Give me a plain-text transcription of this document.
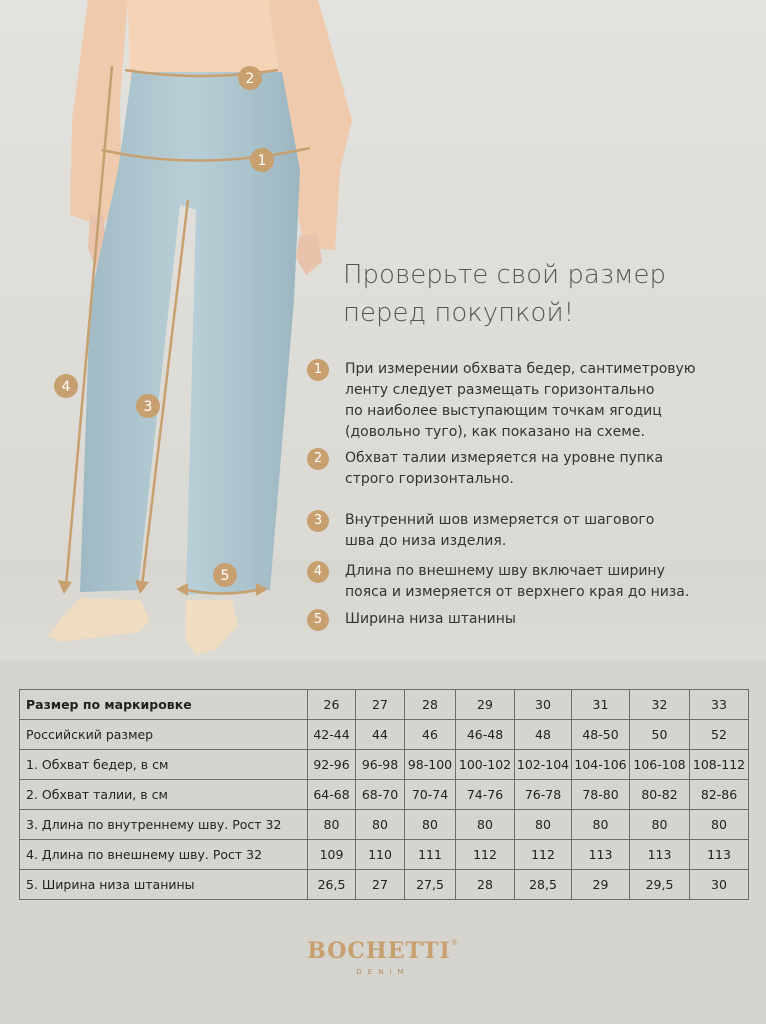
1
2
3
4
5
Проверьте свой размер
перед покупкой!
1	При измерении обхвата бедер, сантиметровую
ленту следует размещать горизонтально
по наиболее выступающим точкам ягодиц
(довольно туго), как показано на схеме.
2	Обхват талии измеряется на уровне пупка
строго горизонтально.
3	Внутренний шов измеряется от шагового
шва до низа изделия.
4	Длина по внешнему шву включает ширину
пояса и измеряется от верхнего края до низа.
5	Ширина низа штанины
Размер по маркировке	26	27	28	29	30	31	32	33
Российский размер	42-44	44	46	46-48	48	48-50	50	52
1. Обхват бедер, в см	92-96	96-98	98-100	100-102	102-104	104-106	106-108	108-112
2. Обхват талии, в см	64-68	68-70	70-74	74-76	76-78	78-80	80-82	82-86
3. Длина по внутреннему шву. Рост 32	80	80	80	80	80	80	80	80
4. Длина по внешнему шву. Рост 32	109	110	111	112	112	113	113	113
5. Ширина низа штанины	26,5	27	27,5	28	28,5	29	29,5	30
BOCHETTI®
DENIM
